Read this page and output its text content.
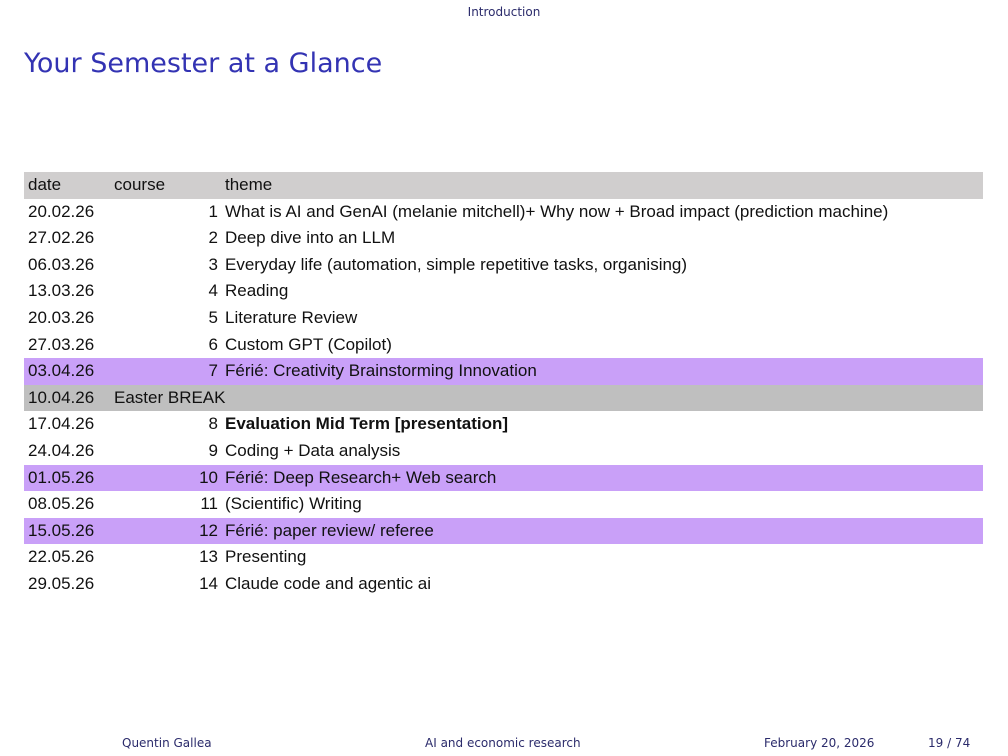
Introduction
Your Semester at a Glance
date	course	theme
20.02.26	1 What is AI and GenAI (melanie mitchell)+ Why now + Broad impact (prediction machine)
27.02.26	2 Deep dive into an LLM
06.03.26	3 Everyday life (automation, simple repetitive tasks, organising)
13.03.26	4 Reading
20.03.26	5 Literature Review
27.03.26	6 Custom GPT (Copilot)
03.04.26	7 Férié: Creativity Brainstorming Innovation
10.04.26	Easter BREAK
17.04.26	8 Evaluation Mid Term [presentation]
24.04.26	9 Coding + Data analysis
01.05.26	10 Férié: Deep Research+ Web search
08.05.26	11 (Scientific) Writing
15.05.26	12 Férié: paper review/ referee
22.05.26	13 Presenting
29.05.26	14 Claude code and agentic ai
Quentin Gallea	AI and economic research	February 20, 2026	19 / 74
